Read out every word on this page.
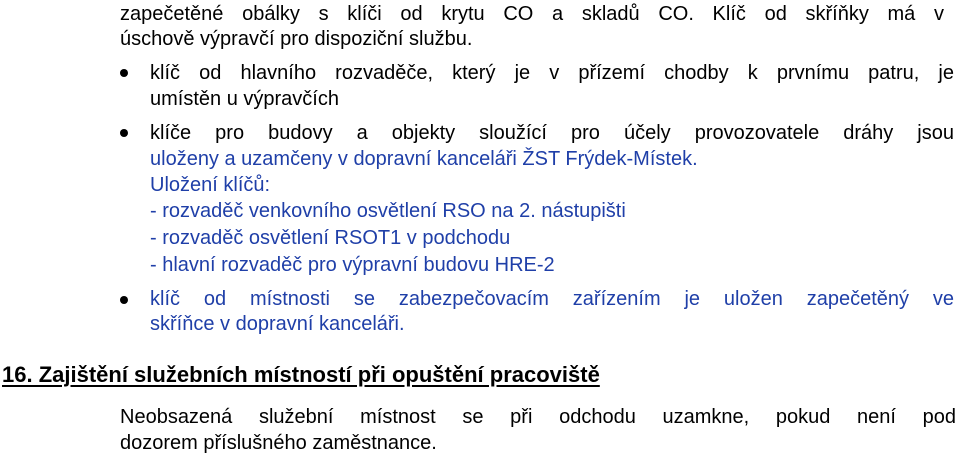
zapečetěné obálky s klíči od krytu CO a skladů CO. Klíč od skříňky má v
úschově výpravčí pro dispoziční službu.
klíč od hlavního rozvaděče, který je v přízemí chodby k prvnímu patru, je
umístěn u výpravčích
klíče pro budovy a objekty sloužící pro účely provozovatele dráhy jsou
uloženy a uzamčeny v dopravní kanceláři ŽST Frýdek-Místek.
Uložení klíčů:
- rozvaděč venkovního osvětlení RSO na 2. nástupišti
- rozvaděč osvětlení RSOT1 v podchodu
- hlavní rozvaděč pro výpravní budovu HRE-2
klíč od místnosti se zabezpečovacím zařízením je uložen zapečetěný ve
skříňce v dopravní kanceláři.
16. Zajištění služebních místností při opuštění pracoviště
Neobsazená služební místnost se při odchodu uzamkne, pokud není pod
dozorem příslušného zaměstnance.
